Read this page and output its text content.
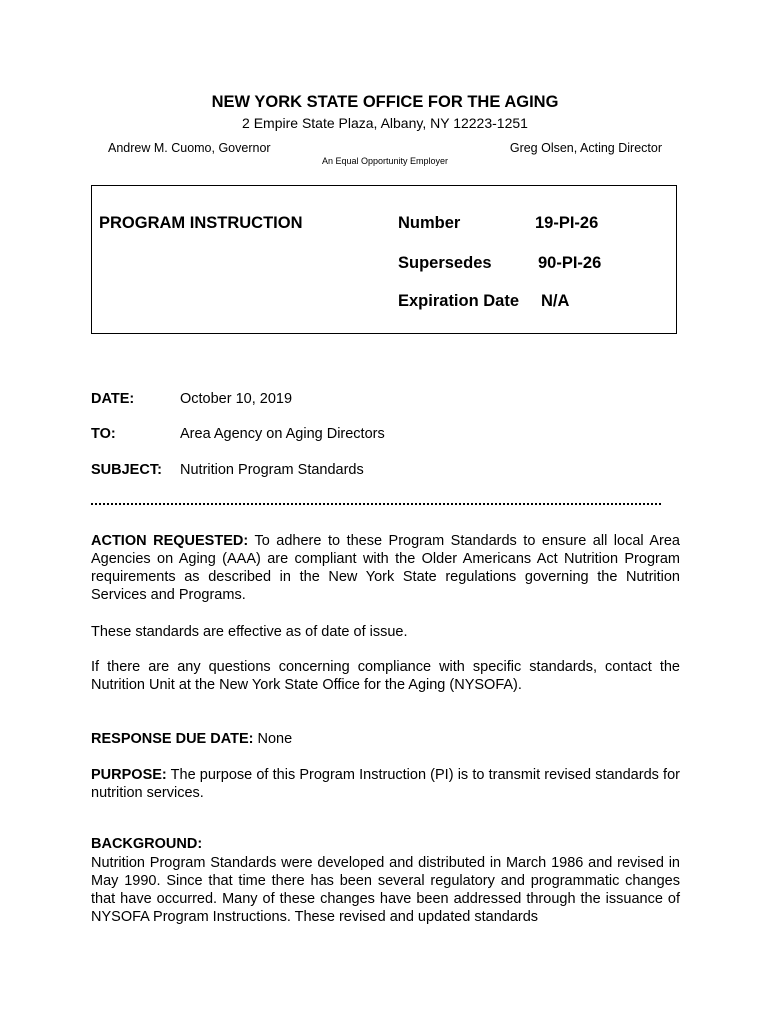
NEW YORK STATE OFFICE FOR THE AGING
2 Empire State Plaza, Albany, NY 12223-1251
Andrew M. Cuomo, Governor	Greg Olsen, Acting Director
An Equal Opportunity Employer
PROGRAM INSTRUCTION	Number	19-PI-26
Supersedes	90-PI-26
Expiration Date N/A
DATE:	October 10, 2019
TO:	Area Agency on Aging Directors
SUBJECT: Nutrition Program Standards
ACTION REQUESTED: To adhere to these Program Standards to ensure all local Area Agencies on Aging (AAA) are compliant with the Older Americans Act Nutrition Program requirements as described in the New York State regulations governing the Nutrition Services and Programs.
These standards are effective as of date of issue.
If there are any questions concerning compliance with specific standards, contact the Nutrition Unit at the New York State Office for the Aging (NYSOFA).
RESPONSE DUE DATE: None
PURPOSE: The purpose of this Program Instruction (PI) is to transmit revised standards for nutrition services.
BACKGROUND:
Nutrition Program Standards were developed and distributed in March 1986 and revised in May 1990. Since that time there has been several regulatory and programmatic changes that have occurred. Many of these changes have been addressed through the issuance of NYSOFA Program Instructions. These revised and updated standards
